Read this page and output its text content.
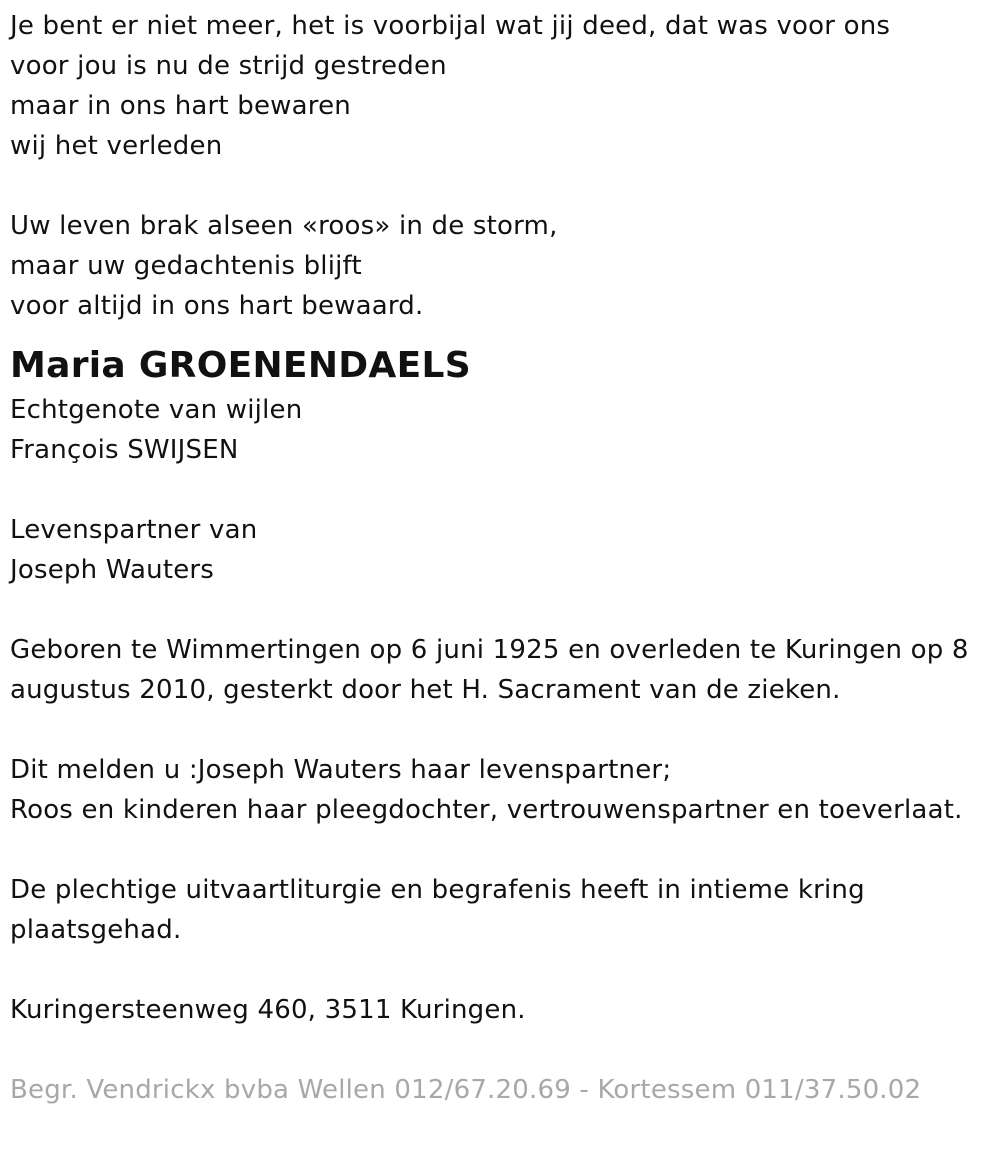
Je bent er niet meer, het is voorbijal wat jij deed, dat was voor ons
voor jou is nu de strijd gestreden
maar in ons hart bewaren
wij het verleden
Uw leven brak alseen «roos» in de storm,
maar uw gedachtenis blijft
voor altijd in ons hart bewaard.
Maria GROENENDAELS
Echtgenote van wijlen
François SWIJSEN
Levenspartner van
Joseph Wauters
Geboren te Wimmertingen op 6 juni 1925 en overleden te Kuringen op 8
augustus 2010, gesterkt door het H. Sacrament van de zieken.
Dit melden u :Joseph Wauters haar levenspartner;
Roos en kinderen haar pleegdochter, vertrouwenspartner en toeverlaat.
De plechtige uitvaartliturgie en begrafenis heeft in intieme kring
plaatsgehad.
Kuringersteenweg 460, 3511 Kuringen.
Begr. Vendrickx bvba Wellen 012/67.20.69 - Kortessem 011/37.50.02
